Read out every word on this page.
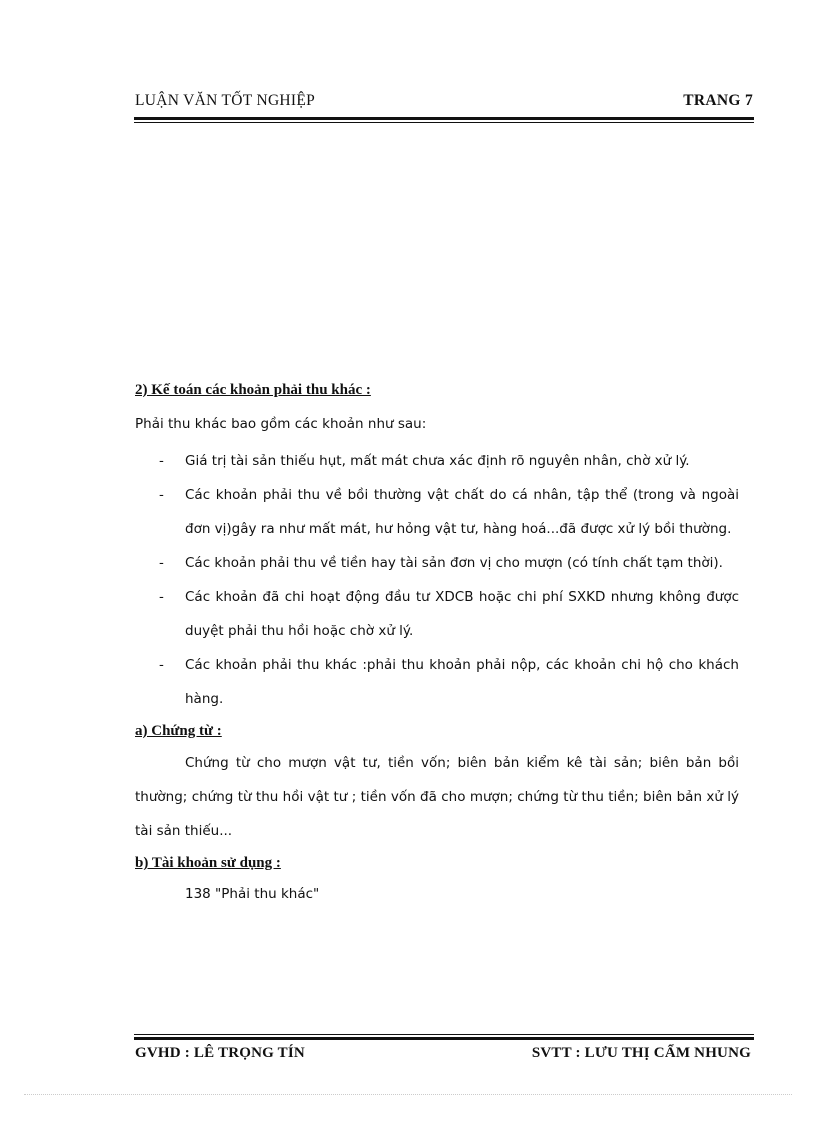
LUẬN VĂN TỐT NGHIỆP	TRANG 7
2) Kế toán các khoản phải thu khác :

Phải thu khác bao gồm các khoản như sau:

- Giá trị tài sản thiếu hụt, mất mát chưa xác định rõ nguyên nhân, chờ xử lý.
- Các khoản phải thu về bồi thường vật chất do cá nhân, tập thể (trong và ngoài đơn vị)gây ra như mất mát, hư hỏng vật tư, hàng hoá...đã được xử lý bồi thường.
- Các khoản phải thu về tiền hay tài sản đơn vị cho mượn (có tính chất tạm thời).
- Các khoản đã chi hoạt động đầu tư XDCB hoặc chi phí SXKD nhưng không được duyệt phải thu hồi hoặc chờ xử lý.
- Các khoản phải thu khác :phải thu khoản phải nộp, các khoản chi hộ cho khách hàng.
a) Chứng từ :

Chứng từ cho mượn vật tư, tiền vốn; biên bản kiểm kê tài sản; biên bản bồi thường; chứng từ thu hồi vật tư ; tiền vốn đã cho mượn; chứng từ thu tiền; biên bản xử lý tài sản thiếu...

b) Tài khoản sử dụng :

138 "Phải thu khác"

GVHD : LÊ TRỌNG TÍN	SVTT : LƯU THỊ CẨM NHUNG
